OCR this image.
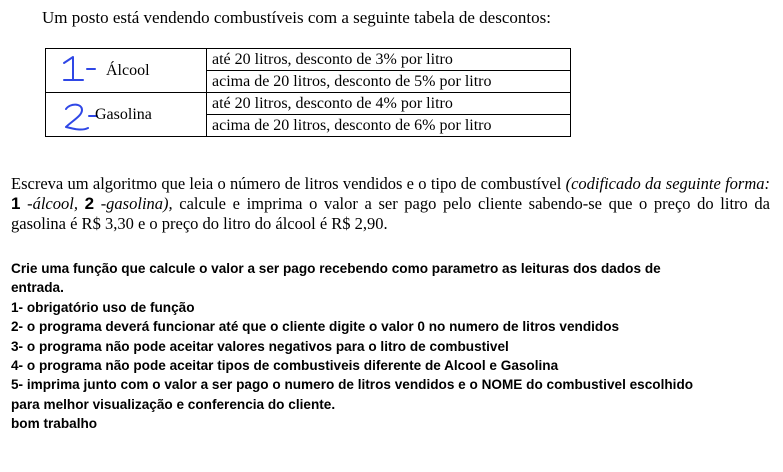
Um posto está vendendo combustíveis com a seguinte tabela de descontos:
Álcool	até 20 litros, desconto de 3% por litro
	acima de 20 litros, desconto de 5% por litro

Gasolina	até 20 litros, desconto de 4% por litro
	acima de 20 litros, desconto de 6% por litro
Escreva um algoritmo que leia o número de litros vendidos e o tipo de combustível (codificado da seguinte forma: 1 -álcool, 2 -gasolina), calcule e imprima o valor a ser pago pelo cliente sabendo-se que o preço do litro da gasolina é R$ 3,30 e o preço do litro do álcool é R$ 2,90.
Crie uma função que calcule o valor a ser pago recebendo como parametro as leituras dos dados de
entrada.
1- obrigatório uso de função
2- o programa deverá funcionar até que o cliente digite o valor 0 no numero de litros vendidos
3- o programa não pode aceitar valores negativos para o litro de combustivel
4- o programa não pode aceitar tipos de combustiveis diferente de Alcool e Gasolina
5- imprima junto com o valor a ser pago o numero de litros vendidos e o NOME do combustivel escolhido
para melhor visualização e conferencia do cliente.
bom trabalho
